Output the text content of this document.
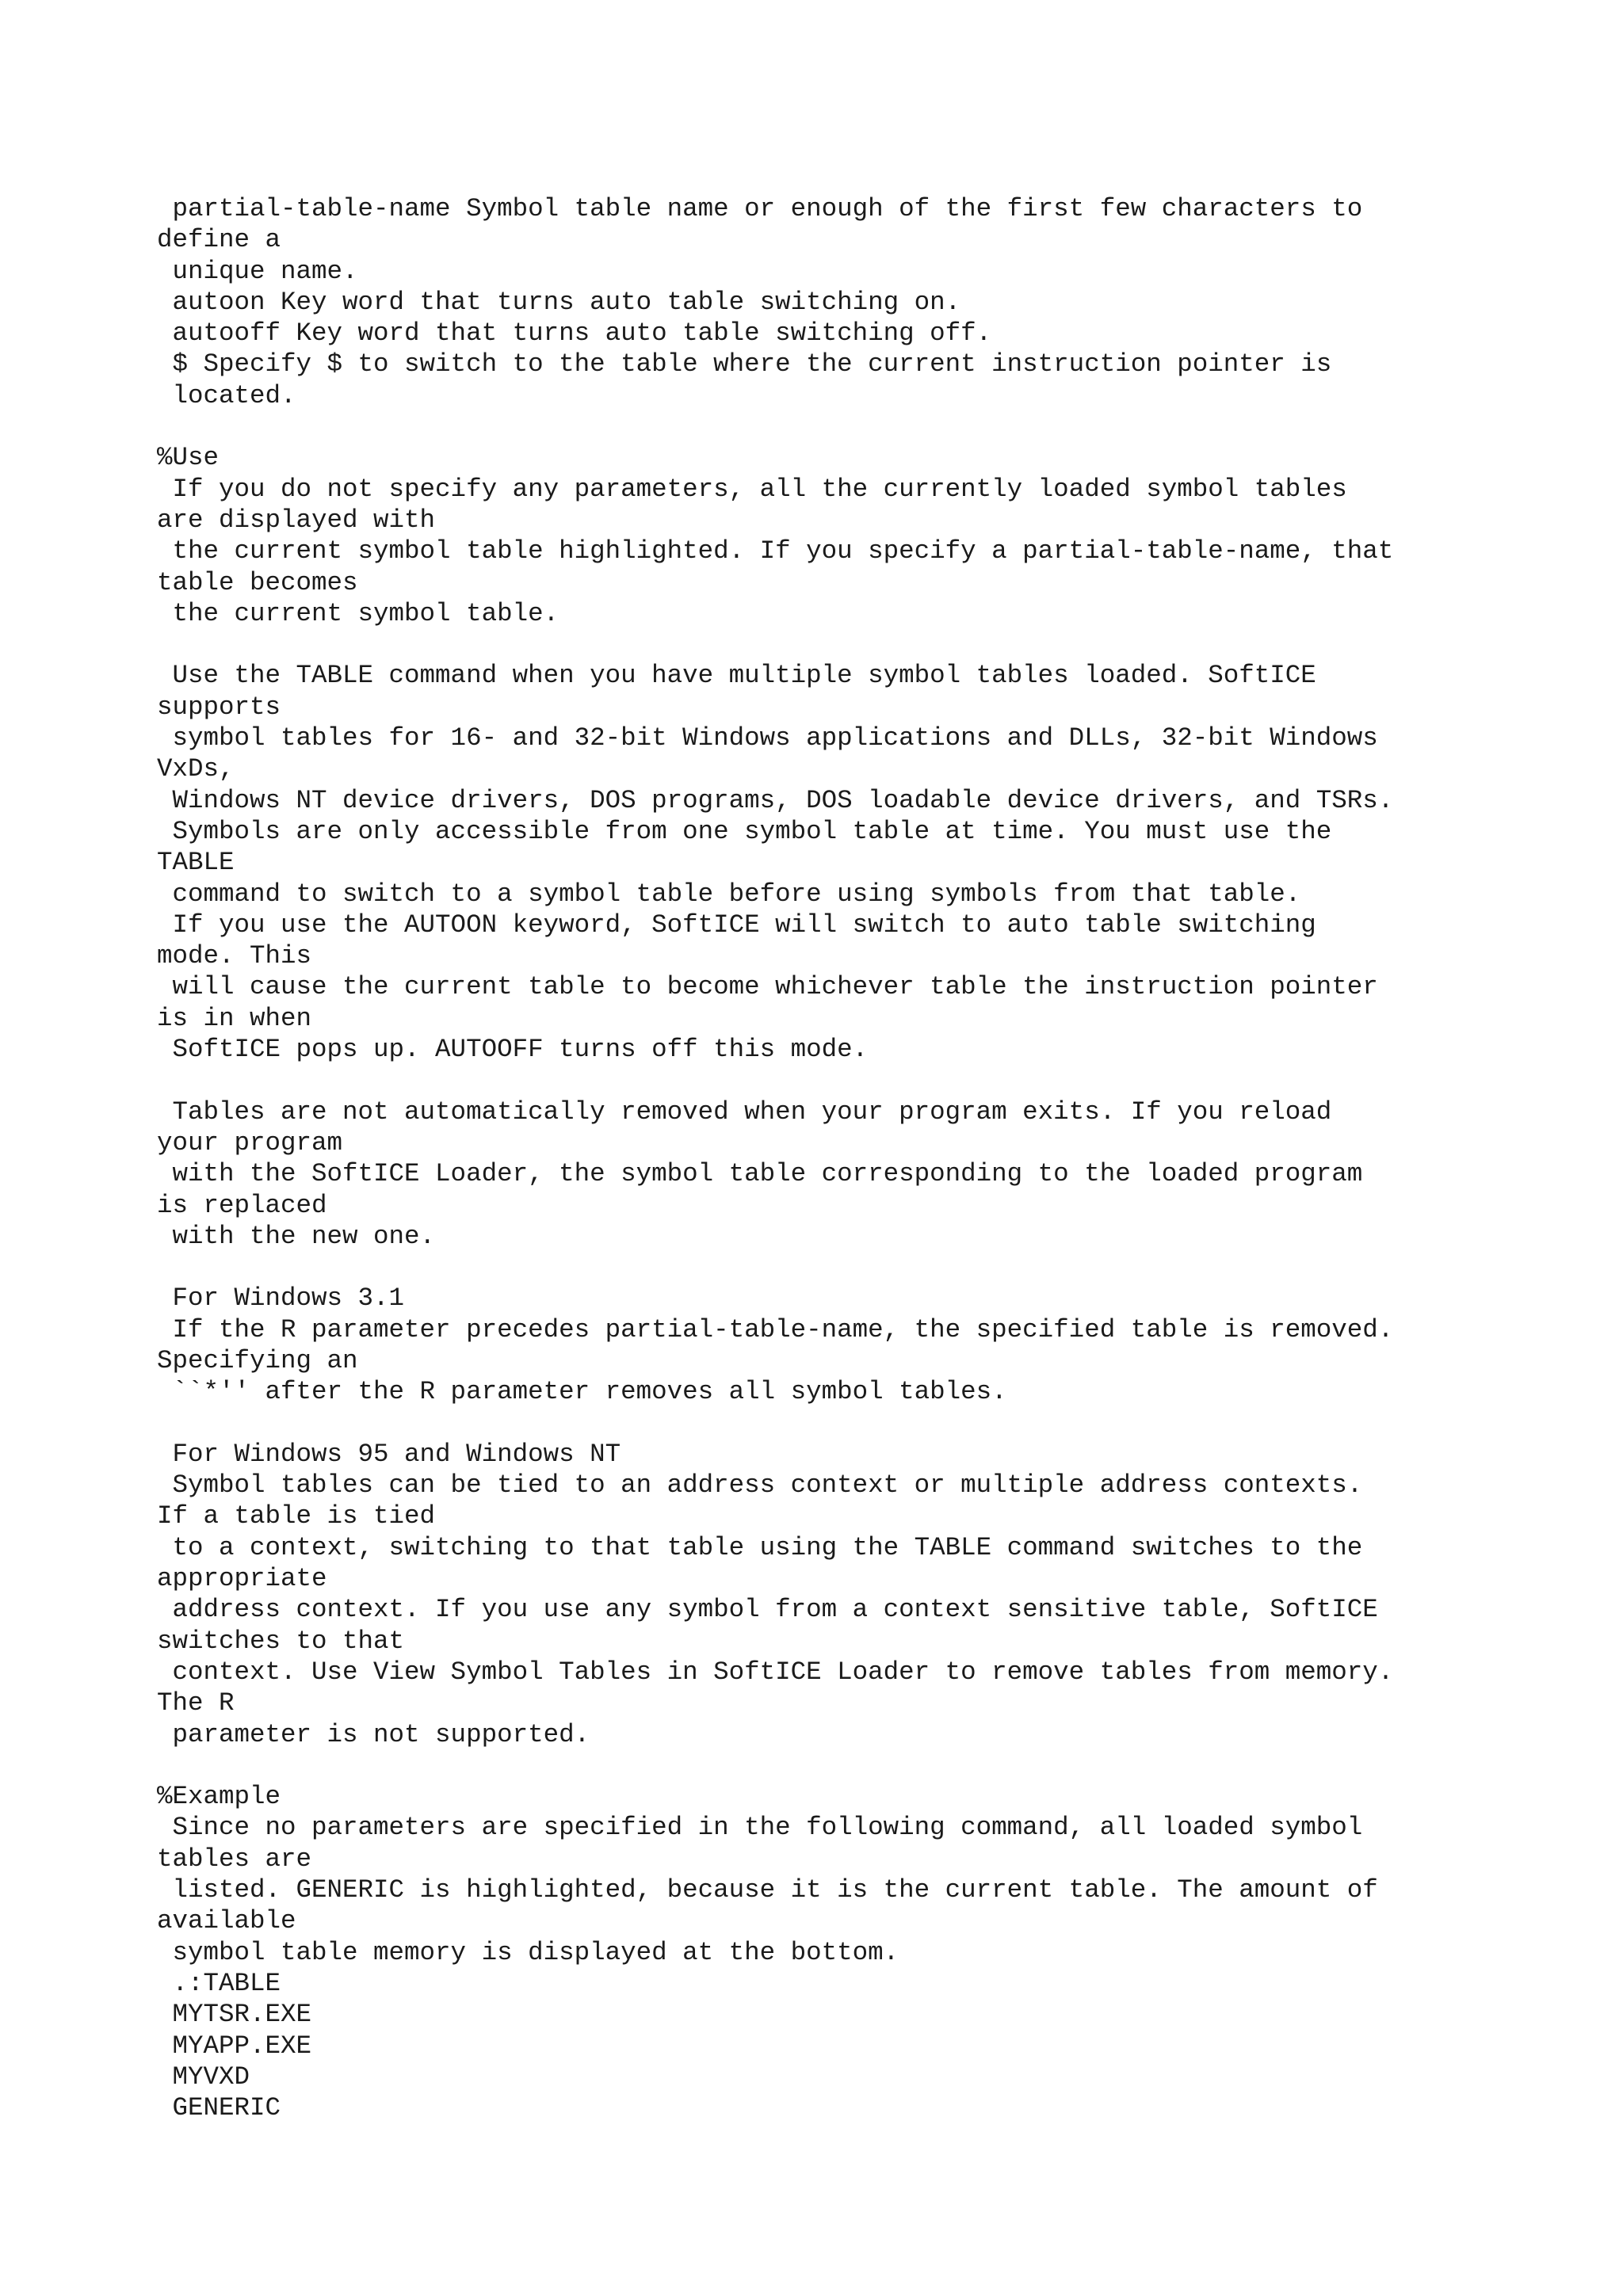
partial-table-name Symbol table name or enough of the first few characters to
define a
unique name.
autoon Key word that turns auto table switching on.
autooff Key word that turns auto table switching off.
$ Specify $ to switch to the table where the current instruction pointer is
located.
%Use
If you do not specify any parameters, all the currently loaded symbol tables
are displayed with
the current symbol table highlighted. If you specify a partial-table-name, that
table becomes
the current symbol table.
Use the TABLE command when you have multiple symbol tables loaded. SoftICE
supports
symbol tables for 16- and 32-bit Windows applications and DLLs, 32-bit Windows
VxDs,
Windows NT device drivers, DOS programs, DOS loadable device drivers, and TSRs.
Symbols are only accessible from one symbol table at time. You must use the
TABLE
command to switch to a symbol table before using symbols from that table.
If you use the AUTOON keyword, SoftICE will switch to auto table switching
mode. This
will cause the current table to become whichever table the instruction pointer
is in when
SoftICE pops up. AUTOOFF turns off this mode.
Tables are not automatically removed when your program exits. If you reload
your program
with the SoftICE Loader, the symbol table corresponding to the loaded program
is replaced
with the new one.
For Windows 3.1
If the R parameter precedes partial-table-name, the specified table is removed.
Specifying an
``*'' after the R parameter removes all symbol tables.
For Windows 95 and Windows NT
Symbol tables can be tied to an address context or multiple address contexts.
If a table is tied
to a context, switching to that table using the TABLE command switches to the
appropriate
address context. If you use any symbol from a context sensitive table, SoftICE
switches to that
context. Use View Symbol Tables in SoftICE Loader to remove tables from memory.
The R
parameter is not supported.
%Example
Since no parameters are specified in the following command, all loaded symbol
tables are
listed. GENERIC is highlighted, because it is the current table. The amount of
available
symbol table memory is displayed at the bottom.
.:TABLE
MYTSR.EXE
MYAPP.EXE
MYVXD
GENERIC
